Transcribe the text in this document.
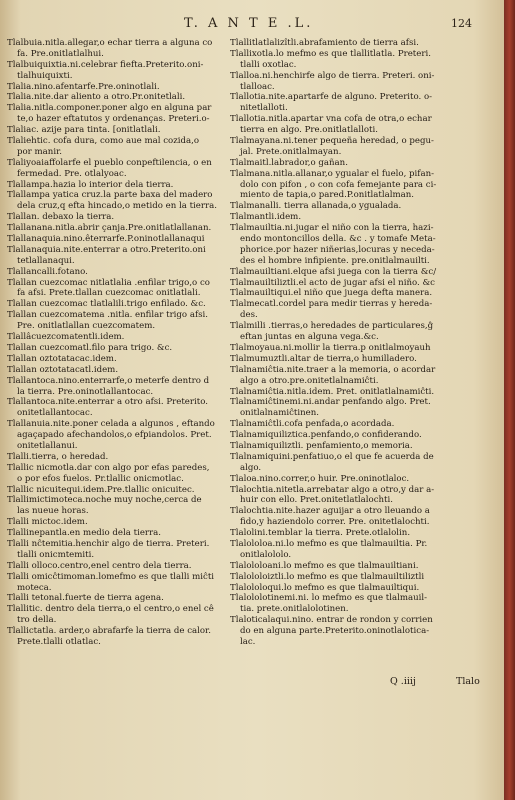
T. A N T E .L.	124
Tlalbuia.nitla.allegar,o echar tierra a alguna co
fa. Pre.onitlatlalhui.
Tlalbuiquixtia.ni.celebrar fiefta.Preterito.oni-
tlalhuiquixti.
Tlalia.nino.afentarfe.Pre.oninotlali.
Tlalia.nite.dar aliento a otro.Pr.onitetlali.
Tlalia.nitla.componer.poner algo en alguna par
te,o hazer eftatutos y ordenanças. Preteri.o-
Tlaliac. azije para tinta. [onitlatlali.
Tlaliehtic. cofa dura, como aue mal cozida,o
por manir.
Tlaliyoaiaffolarfe el pueblo conpeftilencia, o en
fermedad. Pre. otlalyoac.
Tlallampa.hazia lo interior dela tierra.
Tlallampa yatica cruz.la parte baxa del madero
dela cruz,q efta hincado,o metido en la tierra.
Tlallan. debaxo la tierra.
Tlallanana.nitla.abrir çanja.Pre.onitlatlallanan.
Tlallanaquia.nino.êterrarfe.P.oninotlallanaqui
Tlallanaquia.nite.enterrar a otro.Preterito.oni
tetlallanaqui.
Tlallancalli.fotano.
Tlallan cuezcomac nitlatlalia .enfilar trigo,o co
fa afsi. Prete.tlallan cuezcomac onitlatlali.
Tlallan cuezcomac tlatlalili.trigo enfilado. &c.
Tlallan cuezcomatema .nitla. enfilar trigo afsi.
Pre. onitlatlallan cuezcomatem.
Tlallâcuezcomatentli.idem.
Tlallan cuezcomatl.filo para trigo. &c.
Tlallan oztotatacac.idem.
Tlallan oztotatacatl.idem.
Tlallantoca.nino.enterrarfe,o meterfe dentro d
la tierra. Pre.oninotlallantocac.
Tlallantoca.nite.enterrar a otro afsi. Preterito.
onitetlallantocac.
Tlallanuia.nite.poner celada a algunos , eftando
agaçapado afechandolos,o efpiandolos. Pret.
onitetlallanui.
Tlalli.tierra, o heredad.
Tlallic nicmotla.dar con algo por efas paredes,
o por efos fuelos. Pr.tlallic onicmotlac.
Tlallic nicuitequi.idem.Pre.tlallic onicuitec.
Tlallimictimoteca.noche muy noche,cerca de
las nueue horas.
Tlalli mictoc.idem.
Tlallinepantla.en medio dela tierra.
Tlalli nĉtemitia.henchir algo de tierra. Preteri.
tlalli onicmtemiti.
Tlalli olloco.centro,enel centro dela tierra.
Tlalli omicĉtimoman.lomefmo es que tlalli miĉti
moteca.
Tlalli tetonal.fuerte de tierra agena.
Tlallitic. dentro dela tierra,o el centro,o enel cê
tro della.
Tlallictatla. arder,o abrafarfe la tierra de calor.
Prete.tlalli otlatlac.
Tlallitlatlalizîtli.abrafamiento de tierra afsi.
Tlallixotla.lo mefmo es que tlallitlatla. Preteri.
tlalli oxotlac.
Tlalloa.ni.henchirfe algo de tierra. Preteri. oni-
tlalloac.
Tlallotia.nite.apartarfe de alguno. Preterito. o-
nitetlalloti.
Tlallotia.nitla.apartar vna cofa de otra,o echar
tierra en algo. Pre.onitlatlalloti.
Tlalmayana.ni.tener pequeña heredad, o pegu-
jal. Prete.onitlalmayan.
Tlalmaitl.labrador,o gañan.
Tlalmana.nitla.allanar,o ygualar el fuelo, pifan-
dolo con pifon , o con cofa femejante para ci-
miento de tapia,o pared.P.onitlatlalman.
Tlalmanalli. tierra allanada,o ygualada.
Tlalmantli.idem.
Tlalmauiltia.ni.jugar el niño con la tierra, hazi-
endo montoncillos della. &c . y tomafe Meta-
phorice.por hazer niñerias,locuras y neceda-
des el hombre infipiente. pre.onitlalmauilti.
Tlalmauiltiani.elque afsi juega con la tierra &c/
Tlalmauiltiliztli.el acto de jugar afsi el niño. &c
Tlalmauiltiqui.el niño que juega defta manera.
Tlalmecatl.cordel para medir tierras y hereda-
des.
Tlalmilli .tierras,o heredades de particulares,ĝ
eftan juntas en alguna vega.&c.
Tlalmoyaua.ni.mollir la tierra.p onitlalmoyauh
Tlalmumuztli.altar de tierra,o humilladero.
Tlalnamiĉtia.nite.traer a la memoria, o acordar
algo a otro.pre.onitetlalnamiĉti.
Tlalnamiĉtia.nitla.idem. Pret. onitlatlalnamiĉti.
Tlalnamiĉtinemi.ni.andar penfando algo. Pret.
onitlalnamiĉtinen.
Tlalnamiĉtli.cofa penfada,o acordada.
Tlalnamiquiliztica.penfando,o confiderando.
Tlalnamiquiliztli. penfamiento,o memoria.
Tlalnamiquini.penfatiuo,o el que fe acuerda de
algo.
Tlaloa.nino.correr,o huir. Pre.oninotlaloc.
Tlalochtia.nitetla.arrebatar algo a otro,y dar a-
huir con ello. Pret.onitetlatlalochti.
Tlalochtia.nite.hazer aguijar a otro lleuando a
fido,y haziendolo correr. Pre. onitetlalochti.
Tlalolini.temblar la tierra. Prete.otlalolin.
Tlalololoa.ni.lo mefmo es que tlalmauiltia. Pr.
onitlalololo.
Tlalololoani.lo mefmo es que tlalmauiltiani.
Tlalololoiztli.lo mefmo es que tlalmauiltiliztli
Tlalololoqui.lo mefmo es que tlalmauiltiqui.
Tlalololotinemi.ni. lo mefmo es que tlalmauil-
tia. prete.onitlalolotinen.
Tlaloticalaqui.nino. entrar de rondon y corrien
do en alguna parte.Preterito.oninotlalotica-
lac.
Q .iiij	Tlalo
